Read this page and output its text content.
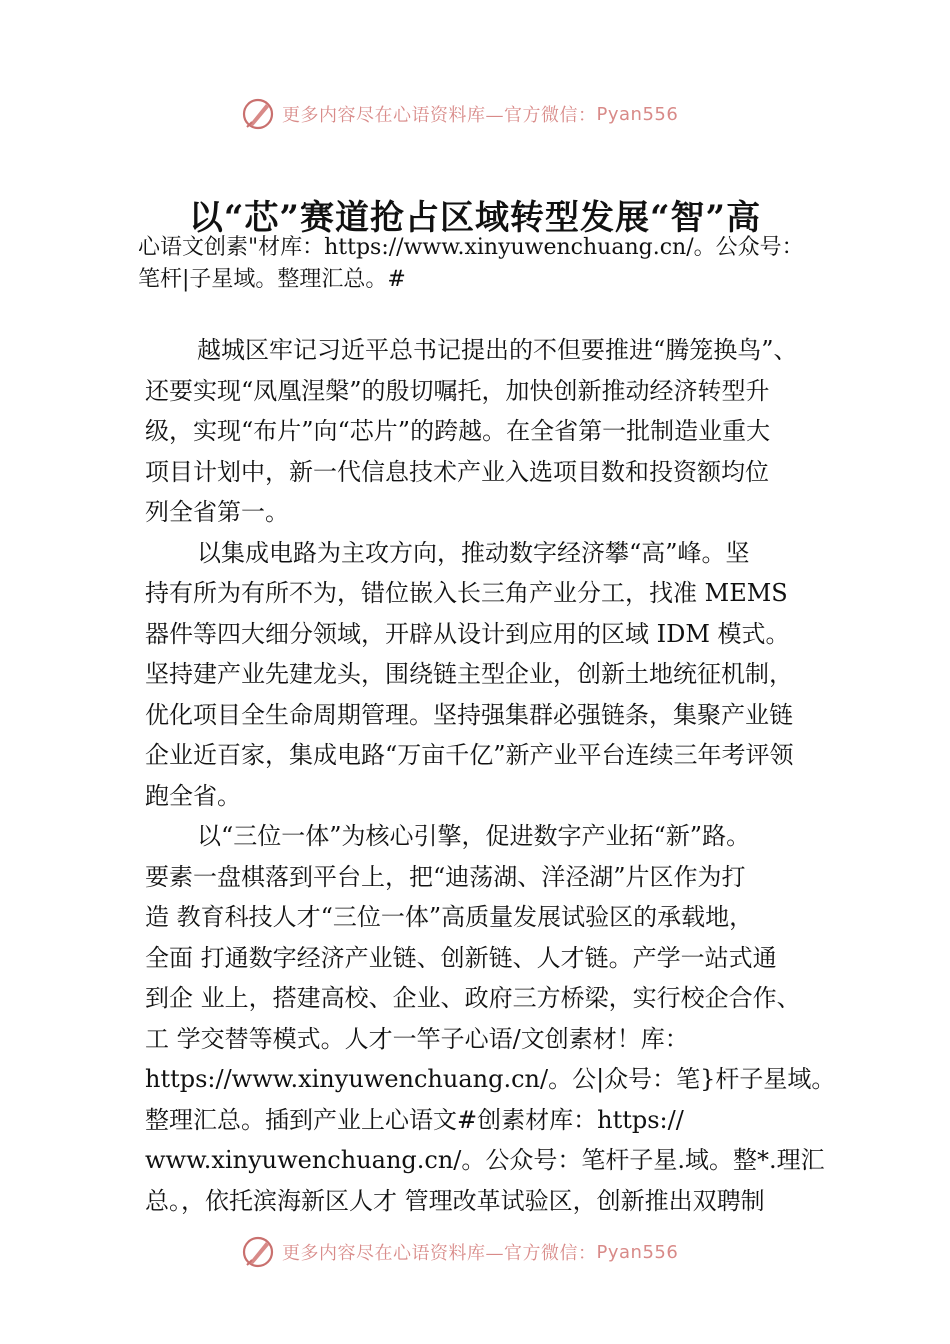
更多内容尽在心语资料库—官方微信： Pyan556
以“芯”赛道抢占区域转型发展“智”高
心语文创素"材库：https://www.xinyuwenchuang.cn/。公众号：
笔杆|子星域。整理汇总。#

越城区牢记习近平总书记提出的不但要推进“腾笼换鸟”、
还要实现“凤凰涅槃”的殷切嘱托，加快创新推动经济转型升
级，实现“布片”向“芯片”的跨越。在全省第一批制造业重大
项目计划中，新一代信息技术产业入选项目数和投资额均位
列全省第一。

以集成电路为主攻方向，推动数字经济攀“高”峰。坚
持有所为有所不为，错位嵌入长三角产业分工，找准 MEMS
器件等四大细分领域，开辟从设计到应用的区域 IDM 模式。
坚持建产业先建龙头，围绕链主型企业，创新土地统征机制，
优化项目全生命周期管理。坚持强集群必强链条，集聚产业链
企业近百家，集成电路“万亩千亿”新产业平台连续三年考评领
跑全省。

以“三位一体”为核心引擎，促进数字产业拓“新”路。
要素一盘棋落到平台上，把“迪荡湖、洋泾湖”片区作为打
造 教育科技人才“三位一体”高质量发展试验区的承载地，
全面 打通数字经济产业链、创新链、人才链。产学一站式通
到企 业上，搭建高校、企业、政府三方桥梁，实行校企合作、
工 学交替等模式。人才一竿子心语/文创素材！库：
https://www.xinyuwenchuang.cn/。公|众号：笔}杆子星域。
整理汇总。插到产业上心语文#创素材库：https://
www.xinyuwenchuang.cn/。公众号：笔杆子星.域。整*.理汇
总。，依托滨海新区人才 管理改革试验区，创新推出双聘制

更多内容尽在心语资料库—官方微信： Pyan556
